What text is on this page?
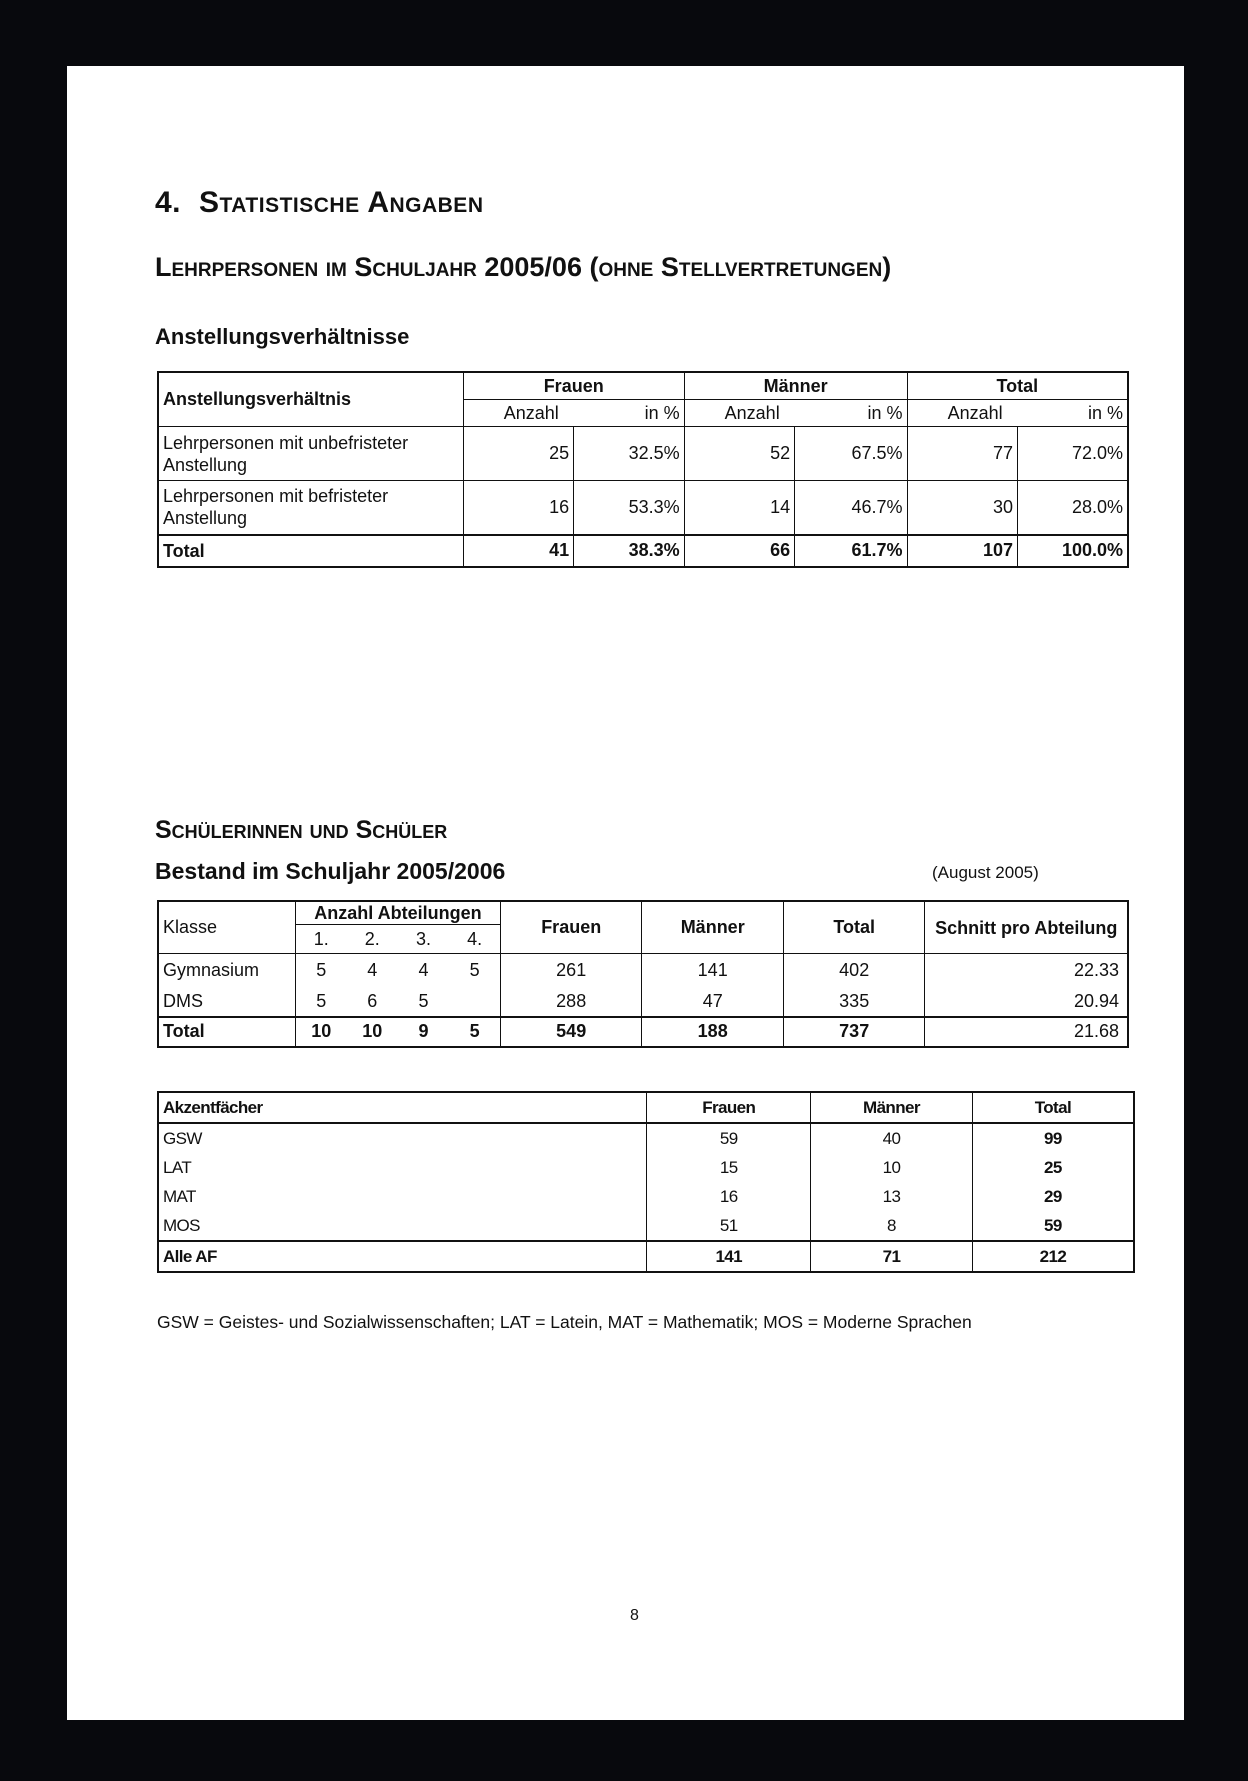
4. Statistische Angaben
Lehrpersonen im Schuljahr 2005/06 (ohne Stellvertretungen)
Anstellungsverhältnisse
Anstellungsverhältnis	Frauen		Männer		Total	
	Anzahl	in %	Anzahl	in %	Anzahl	in %
Lehrpersonen mit unbefristeter Anstellung	25	32.5%	52	67.5%	77	72.0%
Lehrpersonen mit befristeter Anstellung	16	53.3%	14	46.7%	30	28.0%
Total	41	38.3%	66	61.7%	107	100.0%
Schülerinnen und Schüler
Bestand im Schuljahr 2005/2006	(August 2005)
Klasse	Anzahl Abteilungen				Frauen	Männer	Total	Schnitt pro Abteilung
	1.	2.	3.	4.				
Gymnasium	5	4	4	5	261	141	402	22.33
DMS	5	6	5		288	47	335	20.94
Total	10	10	9	5	549	188	737	21.68
Akzentfächer	Frauen	Männer	Total
GSW	59	40	99
LAT	15	10	25
MAT	16	13	29
MOS	51	8	59
Alle AF	141	71	212
GSW = Geistes- und Sozialwissenschaften; LAT = Latein, MAT = Mathematik; MOS = Moderne Sprachen
8
